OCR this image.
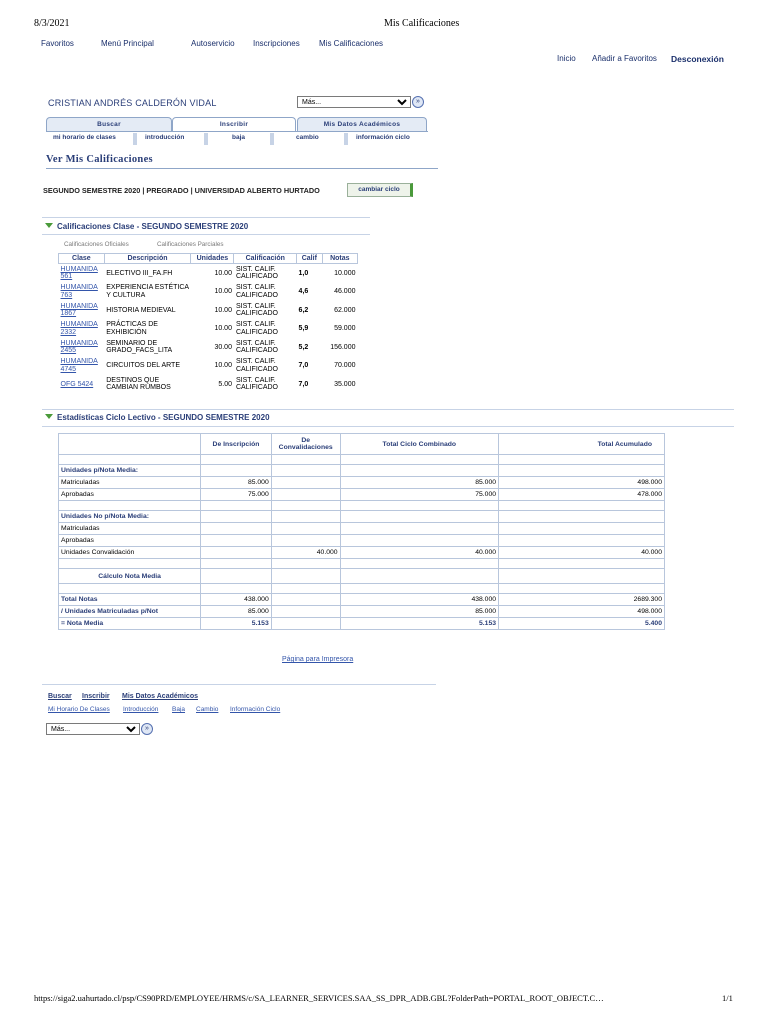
8/3/2021	Mis Calificaciones
Favoritos	Menú Principal	Autoservicio Inscripciones Mis Calificaciones
Inicio Añadir a Favoritos Desconexión
CRISTIAN ANDRÉS CALDERÓN VIDAL
Más...	»
Buscar	Inscribir	Mis Datos Académicos
mi horario de clases	introducción	baja	cambio	información ciclo
Ver Mis Calificaciones
SEGUNDO SEMESTRE 2020 | PREGRADO | UNIVERSIDAD ALBERTO HURTADO	cambiar ciclo
Calificaciones Clase - SEGUNDO SEMESTRE 2020
Calificaciones Oficiales	Calificaciones Parciales
Clase	Descripción	Unidades	Calificación	Calif	Notas
HUMANIDA 561	ELECTIVO III_FA.FH	10.00	SIST. CALIF. CALIFICADO	1,0	10.000
HUMANIDA 763	EXPERIENCIA ESTÉTICA Y CULTURA	10.00	SIST. CALIF. CALIFICADO	4,6	46.000
HUMANIDA 1867	HISTORIA MEDIEVAL	10.00	SIST. CALIF. CALIFICADO	6,2	62.000
HUMANIDA 2332	PRÁCTICAS DE EXHIBICIÓN	10.00	SIST. CALIF. CALIFICADO	5,9	59.000
HUMANIDA 2455	SEMINARIO DE GRADO_FACS_LITA	30.00	SIST. CALIF. CALIFICADO	5,2	156.000
HUMANIDA 4745	CIRCUITOS DEL ARTE	10.00	SIST. CALIF. CALIFICADO	7,0	70.000
OFG 5424	DESTINOS QUE CAMBIAN RUMBOS	5.00	SIST. CALIF. CALIFICADO	7,0	35.000
Estadísticas Ciclo Lectivo - SEGUNDO SEMESTRE 2020
	De Inscripción	De Convalidaciones	Total Ciclo Combinado	Total Acumulado

Unidades p/Nota Media:				
Matriculadas	85.000		85.000	498.000
Aprobadas	75.000		75.000	478.000

Unidades No p/Nota Media:				
Matriculadas				
Aprobadas				
Unidades Convalidación		40.000	40.000	40.000

Cálculo Nota Media				

Total Notas	438.000		438.000	2689.300
/ Unidades Matriculadas p/Not	85.000		85.000	498.000
= Nota Media	5.153		5.153	5.400
Página para Impresora
Buscar Inscribir Mis Datos Académicos
Mi Horario De Clases Introducción Baja Cambio Información Ciclo
Más...
»
https://siga2.uahurtado.cl/psp/CS90PRD/EMPLOYEE/HRMS/c/SA_LEARNER_SERVICES.SAA_SS_DPR_ADB.GBL?FolderPath=PORTAL_ROOT_OBJECT.C…	1/1
